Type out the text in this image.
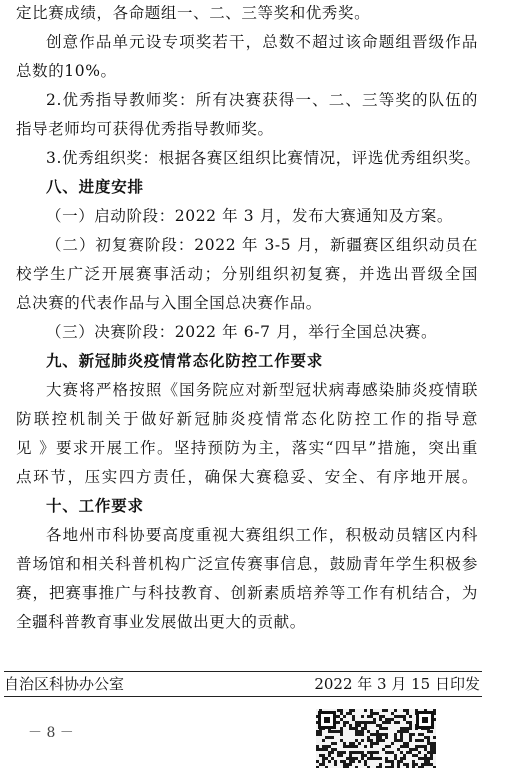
定比赛成绩，各命题组一、二、三等奖和优秀奖。
创意作品单元设专项奖若干，总数不超过该命题组晋级作品
总数的10%。
2.优秀指导教师奖：所有决赛获得一、二、三等奖的队伍的
指导老师均可获得优秀指导教师奖。
3.优秀组织奖：根据各赛区组织比赛情况，评选优秀组织奖。
八、进度安排
（一）启动阶段：2022 年 3 月，发布大赛通知及方案。
（二）初复赛阶段：2022 年 3-5 月，新疆赛区组织动员在
校学生广泛开展赛事活动；分别组织初复赛，并选出晋级全国
总决赛的代表作品与入围全国总决赛作品。
（三）决赛阶段：2022 年 6-7 月，举行全国总决赛。
九、新冠肺炎疫情常态化防控工作要求
大赛将严格按照《国务院应对新型冠状病毒感染肺炎疫情联
防联控机制关于做好新冠肺炎疫情常态化防控工作的指导意
见 》要求开展工作。坚持预防为主，落实“四早”措施，突出重
点环节，压实四方责任，确保大赛稳妥、安全、有序地开展。
十、工作要求
各地州市科协要高度重视大赛组织工作，积极动员辖区内科
普场馆和相关科普机构广泛宣传赛事信息，鼓励青年学生积极参
赛，把赛事推广与科技教育、创新素质培养等工作有机结合，为
全疆科普教育事业发展做出更大的贡献。
自治区科协办公室	2022 年 3 月 15 日印发
－ 8 －
